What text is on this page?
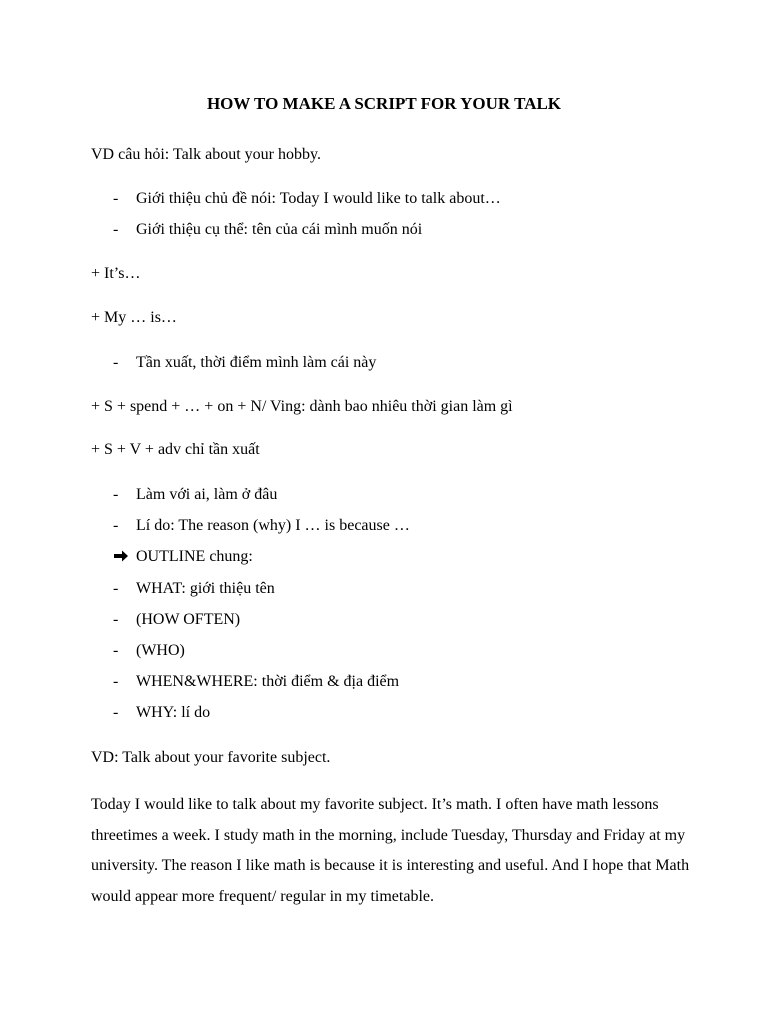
HOW TO MAKE A SCRIPT FOR YOUR TALK
VD câu hỏi: Talk about your hobby.
-	Giới thiệu chủ đề nói: Today I would like to talk about…
-	Giới thiệu cụ thể: tên của cái mình muốn nói
+ It’s…
+ My … is…
-	Tần xuất, thời điểm mình làm cái này
+ S + spend + … + on + N/ Ving: dành bao nhiêu thời gian làm gì
+ S + V + adv chỉ tần xuất
-	Làm với ai, làm ở đâu
-	Lí do: The reason (why) I … is because …
OUTLINE chung:
-	WHAT: giới thiệu tên
-	(HOW OFTEN)
-	(WHO)
-	WHEN&WHERE: thời điểm & địa điểm
-	WHY: lí do
VD: Talk about your favorite subject.
Today I would like to talk about my favorite subject. It’s math. I often have math lessons threetimes a week. I study math in the morning, include Tuesday, Thursday and Friday at my university. The reason I like math is because it is interesting and useful. And I hope that Math would appear more frequent/ regular in my timetable.
